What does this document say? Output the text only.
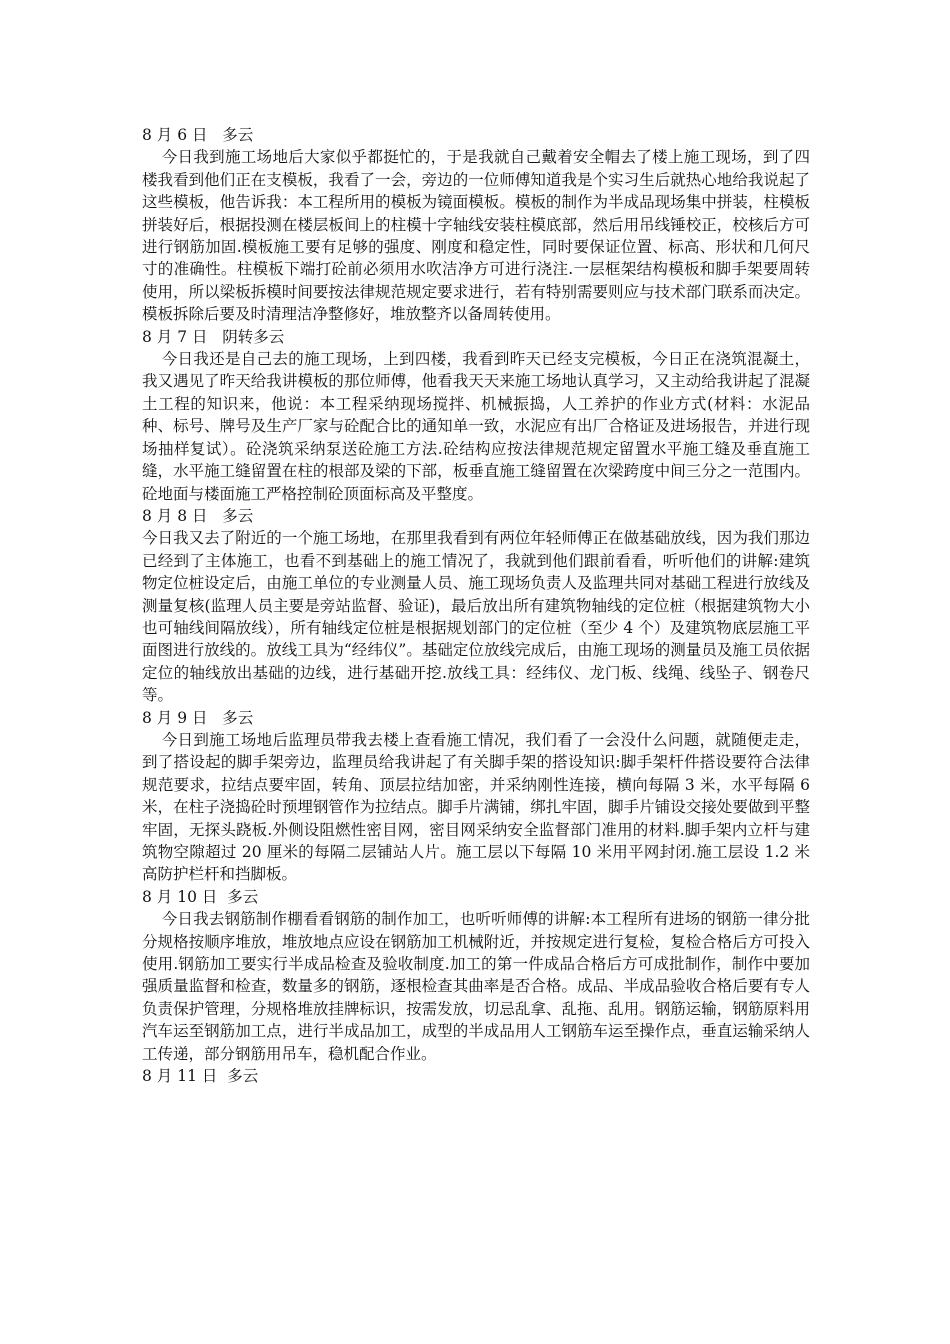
8 月 6 日   多云

今日我到施工场地后大家似乎都挺忙的，于是我就自己戴着安全帽去了楼上施工现场，到了四楼我看到他们正在支模板，我看了一会，旁边的一位师傅知道我是个实习生后就热心地给我说起了这些模板，他告诉我：本工程所用的模板为镜面模板。模板的制作为半成品现场集中拼装，柱模板拼装好后，根据投测在楼层板间上的柱模十字轴线安装柱模底部，然后用吊线锤校正，校核后方可进行钢筋加固.模板施工要有足够的强度、刚度和稳定性，同时要保证位置、标高、形状和几何尺寸的准确性。柱模板下端打砼前必须用水吹洁净方可进行浇注.一层框架结构模板和脚手架要周转使用，所以梁板拆模时间要按法律规范规定要求进行，若有特别需要则应与技术部门联系而决定。模板拆除后要及时清理洁净整修好，堆放整齐以备周转使用。

8 月 7 日   阴转多云

今日我还是自己去的施工现场，上到四楼，我看到昨天已经支完模板，今日正在浇筑混凝土，我又遇见了昨天给我讲模板的那位师傅，他看我天天来施工场地认真学习，又主动给我讲起了混凝土工程的知识来，他说：本工程采纳现场搅拌、机械振捣，人工养护的作业方式(材料：水泥品种、标号、牌号及生产厂家与砼配合比的通知单一致，水泥应有出厂合格证及进场报告，并进行现场抽样复试）。砼浇筑采纳泵送砼施工方法.砼结构应按法律规范规定留置水平施工缝及垂直施工缝，水平施工缝留置在柱的根部及梁的下部，板垂直施工缝留置在次梁跨度中间三分之一范围内。砼地面与楼面施工严格控制砼顶面标高及平整度。

8 月 8 日   多云

今日我又去了附近的一个施工场地，在那里我看到有两位年轻师傅正在做基础放线，因为我们那边已经到了主体施工，也看不到基础上的施工情况了，我就到他们跟前看看，听听他们的讲解:建筑物定位桩设定后，由施工单位的专业测量人员、施工现场负责人及监理共同对基础工程进行放线及测量复核(监理人员主要是旁站监督、验证)，最后放出所有建筑物轴线的定位桩（根据建筑物大小也可轴线间隔放线），所有轴线定位桩是根据规划部门的定位桩（至少 4 个）及建筑物底层施工平面图进行放线的。放线工具为“经纬仪”。基础定位放线完成后，由施工现场的测量员及施工员依据定位的轴线放出基础的边线，进行基础开挖.放线工具：经纬仪、龙门板、线绳、线坠子、钢卷尺等。

8 月 9 日   多云

今日到施工场地后监理员带我去楼上查看施工情况，我们看了一会没什么问题，就随便走走，到了搭设起的脚手架旁边，监理员给我讲起了有关脚手架的搭设知识:脚手架杆件搭设要符合法律规范要求，拉结点要牢固，转角、顶层拉结加密，并采纳刚性连接，横向每隔 3 米，水平每隔 6 米，在柱子浇捣砼时预埋钢管作为拉结点。脚手片满铺，绑扎牢固，脚手片铺设交接处要做到平整牢固，无探头跷板.外侧设阻燃性密目网，密目网采纳安全监督部门准用的材料.脚手架内立杆与建筑物空隙超过 20 厘米的每隔二层铺站人片。施工层以下每隔 10 米用平网封闭.施工层设 1.2 米高防护栏杆和挡脚板。

8 月 10 日  多云

今日我去钢筋制作棚看看钢筋的制作加工，也听听师傅的讲解:本工程所有进场的钢筋一律分批分规格按顺序堆放，堆放地点应设在钢筋加工机械附近，并按规定进行复检，复检合格后方可投入使用.钢筋加工要实行半成品检查及验收制度.加工的第一件成品合格后方可成批制作，制作中要加强质量监督和检查，数量多的钢筋，逐根检查其曲率是否合格。成品、半成品验收合格后要有专人负责保护管理，分规格堆放挂牌标识，按需发放，切忌乱拿、乱拖、乱用。钢筋运输，钢筋原料用汽车运至钢筋加工点，进行半成品加工，成型的半成品用人工钢筋车运至操作点，垂直运输采纳人工传递，部分钢筋用吊车，稳机配合作业。

8 月 11 日  多云
